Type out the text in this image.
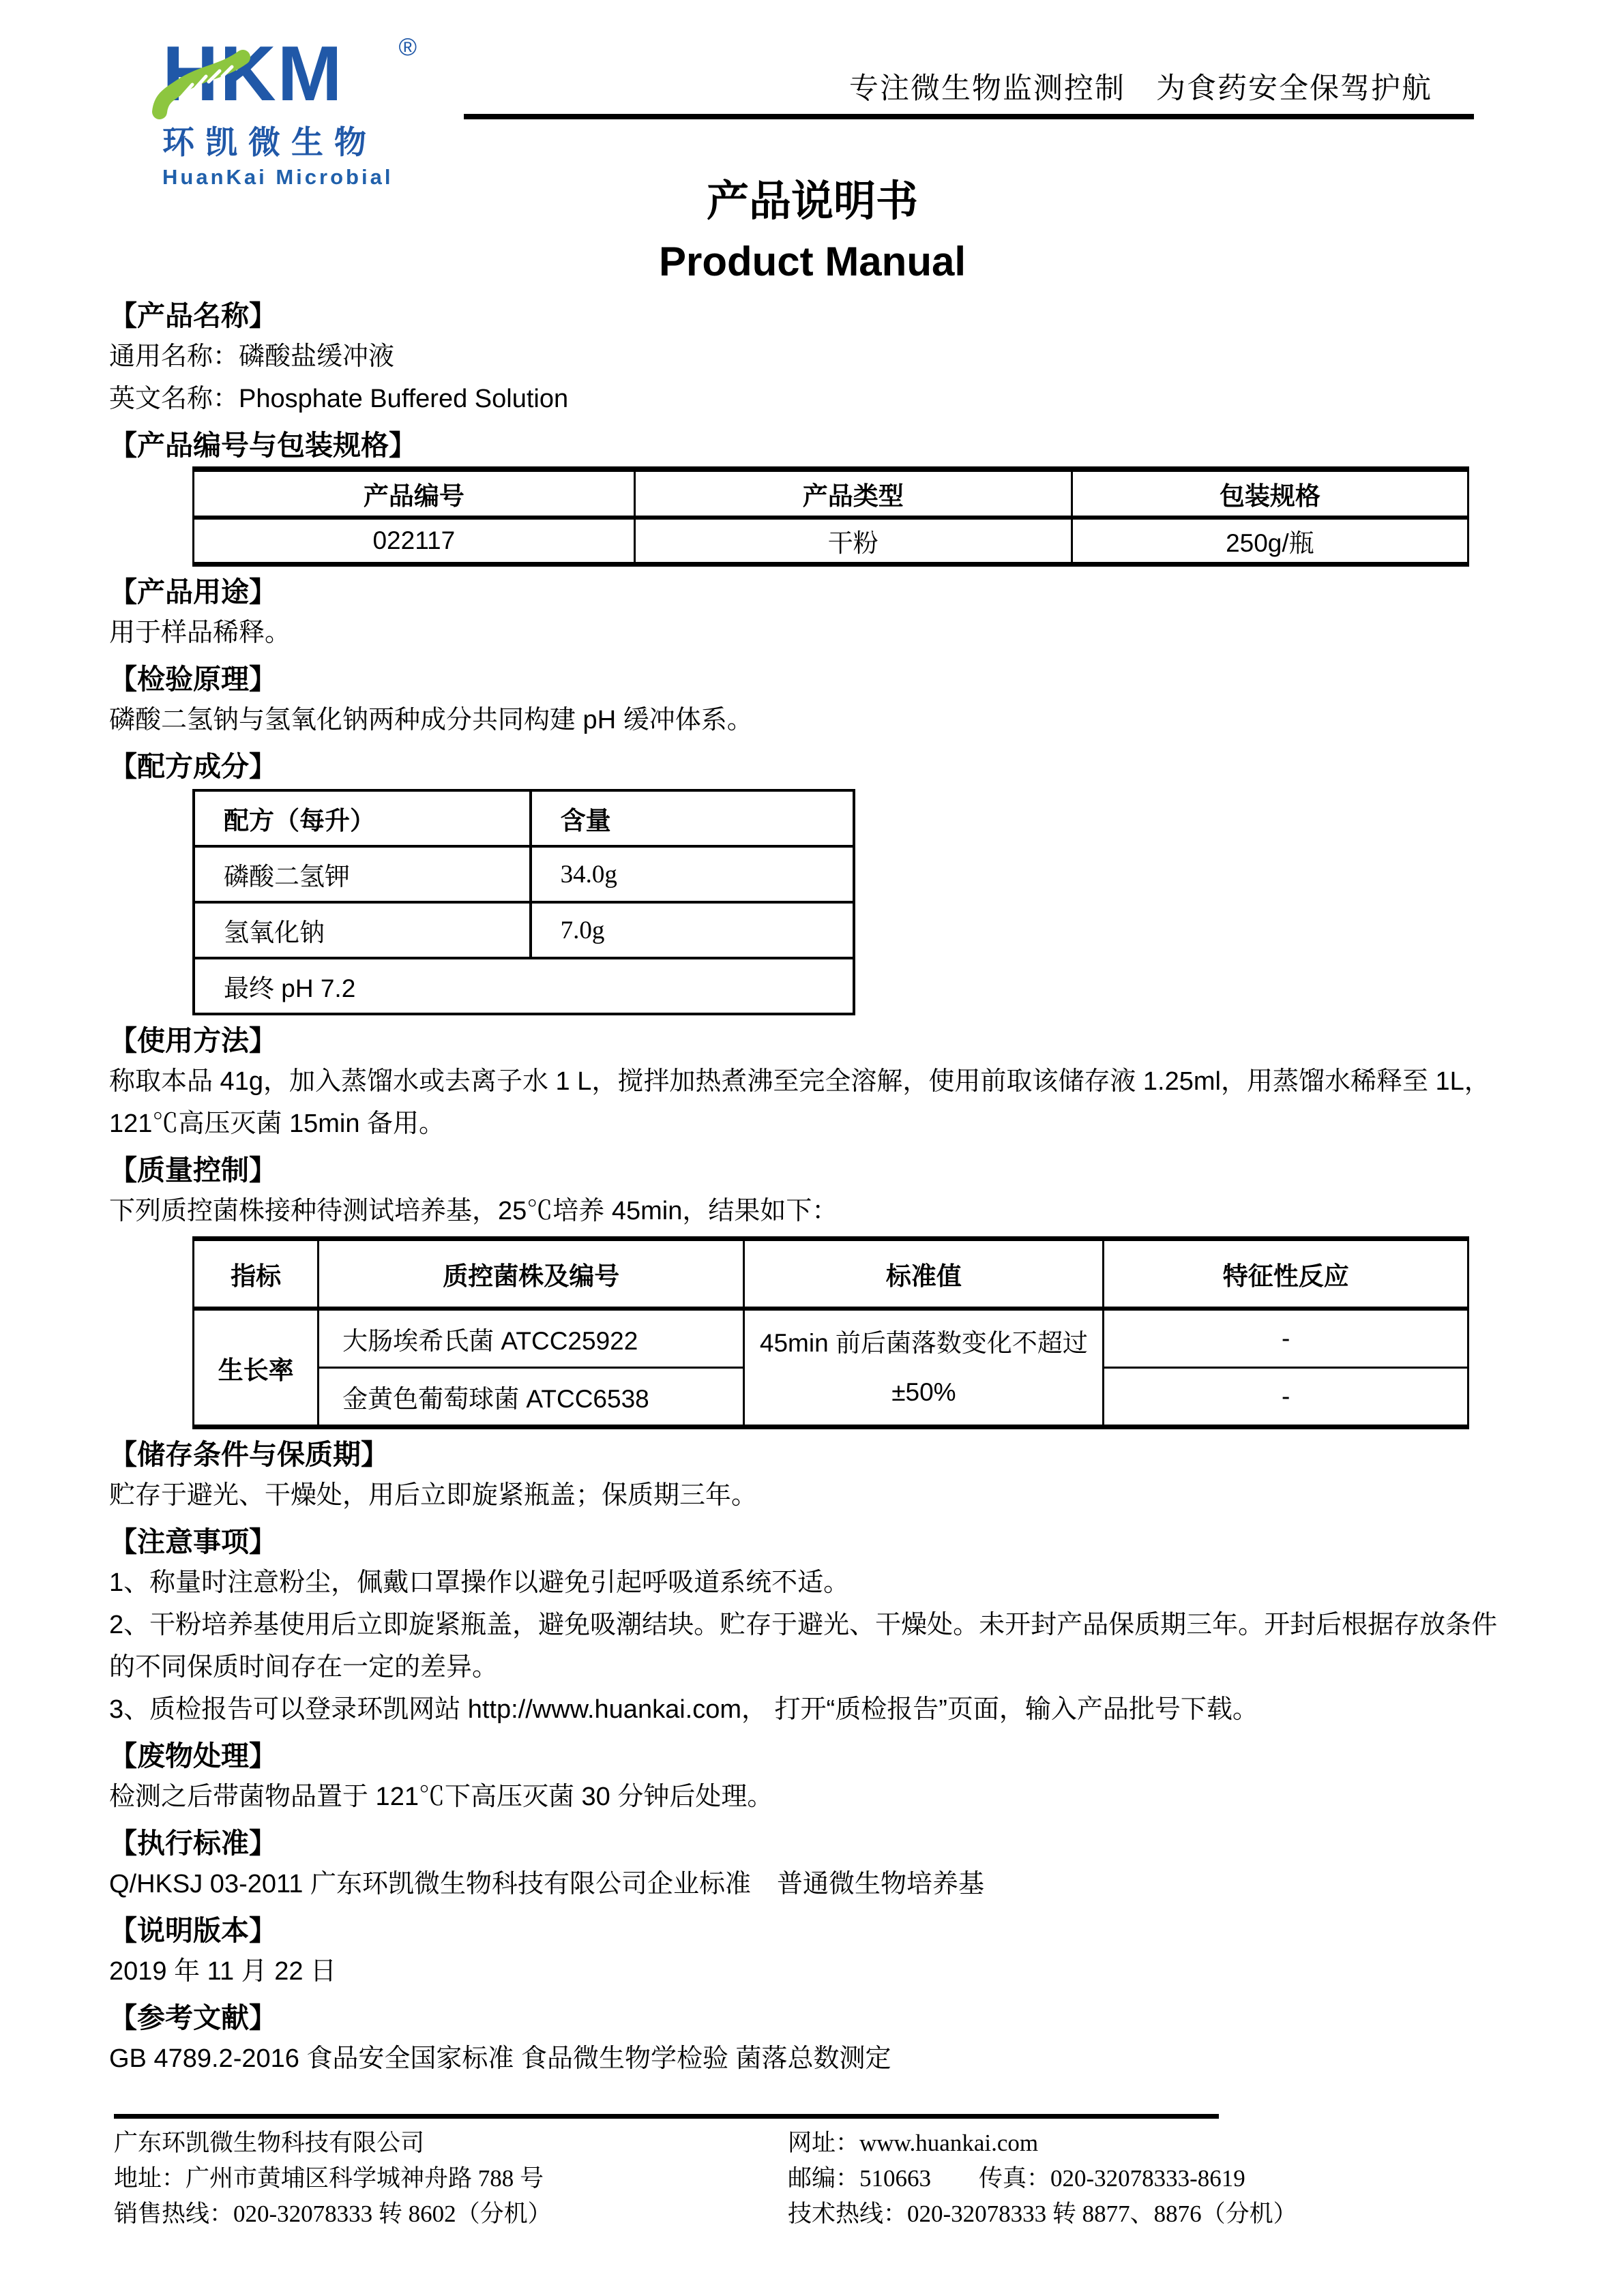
HKM ®
环凯微生物
HuanKai Microbial
专注微生物监测控制　为食药安全保驾护航
产品说明书
Product Manual
【产品名称】
通用名称：磷酸盐缓冲液
英文名称：Phosphate Buffered Solution
【产品编号与包装规格】
产品编号	产品类型	包装规格
022117	干粉	250g/瓶
【产品用途】
用于样品稀释。
【检验原理】
磷酸二氢钠与氢氧化钠两种成分共同构建 pH 缓冲体系。
【配方成分】
配方（每升）	含量
磷酸二氢钾	34.0g
氢氧化钠	7.0g
最终 pH 7.2	
【使用方法】
称取本品 41g，加入蒸馏水或去离子水 1 L，搅拌加热煮沸至完全溶解，使用前取该储存液 1.25ml，用蒸馏水稀释至 1L，121℃高压灭菌 15min 备用。
【质量控制】
下列质控菌株接种待测试培养基，25℃培养 45min，结果如下：
指标	质控菌株及编号	标准值	特征性反应
生长率	大肠埃希氏菌 ATCC25922	45min 前后菌落数变化不超过±50%	-
	金黄色葡萄球菌 ATCC6538		-
【储存条件与保质期】
贮存于避光、干燥处，用后立即旋紧瓶盖；保质期三年。
【注意事项】
1、称量时注意粉尘，佩戴口罩操作以避免引起呼吸道系统不适。
2、干粉培养基使用后立即旋紧瓶盖，避免吸潮结块。贮存于避光、干燥处。未开封产品保质期三年。开封后根据存放条件的不同保质时间存在一定的差异。
3、质检报告可以登录环凯网站 http://www.huankai.com， 打开“质检报告”页面，输入产品批号下载。
【废物处理】
检测之后带菌物品置于 121℃下高压灭菌 30 分钟后处理。
【执行标准】
Q/HKSJ 03-2011 广东环凯微生物科技有限公司企业标准　普通微生物培养基
【说明版本】
2019 年 11 月 22 日
【参考文献】
GB 4789.2-2016 食品安全国家标准 食品微生物学检验 菌落总数测定

广东环凯微生物科技有限公司

地址：广州市黄埔区科学城神舟路 788 号

销售热线：020-32078333 转 8602（分机）

网址：www.huankai.com

邮编：510663　　传真：020-32078333-8619

技术热线：020-32078333 转 8877、8876（分机）
